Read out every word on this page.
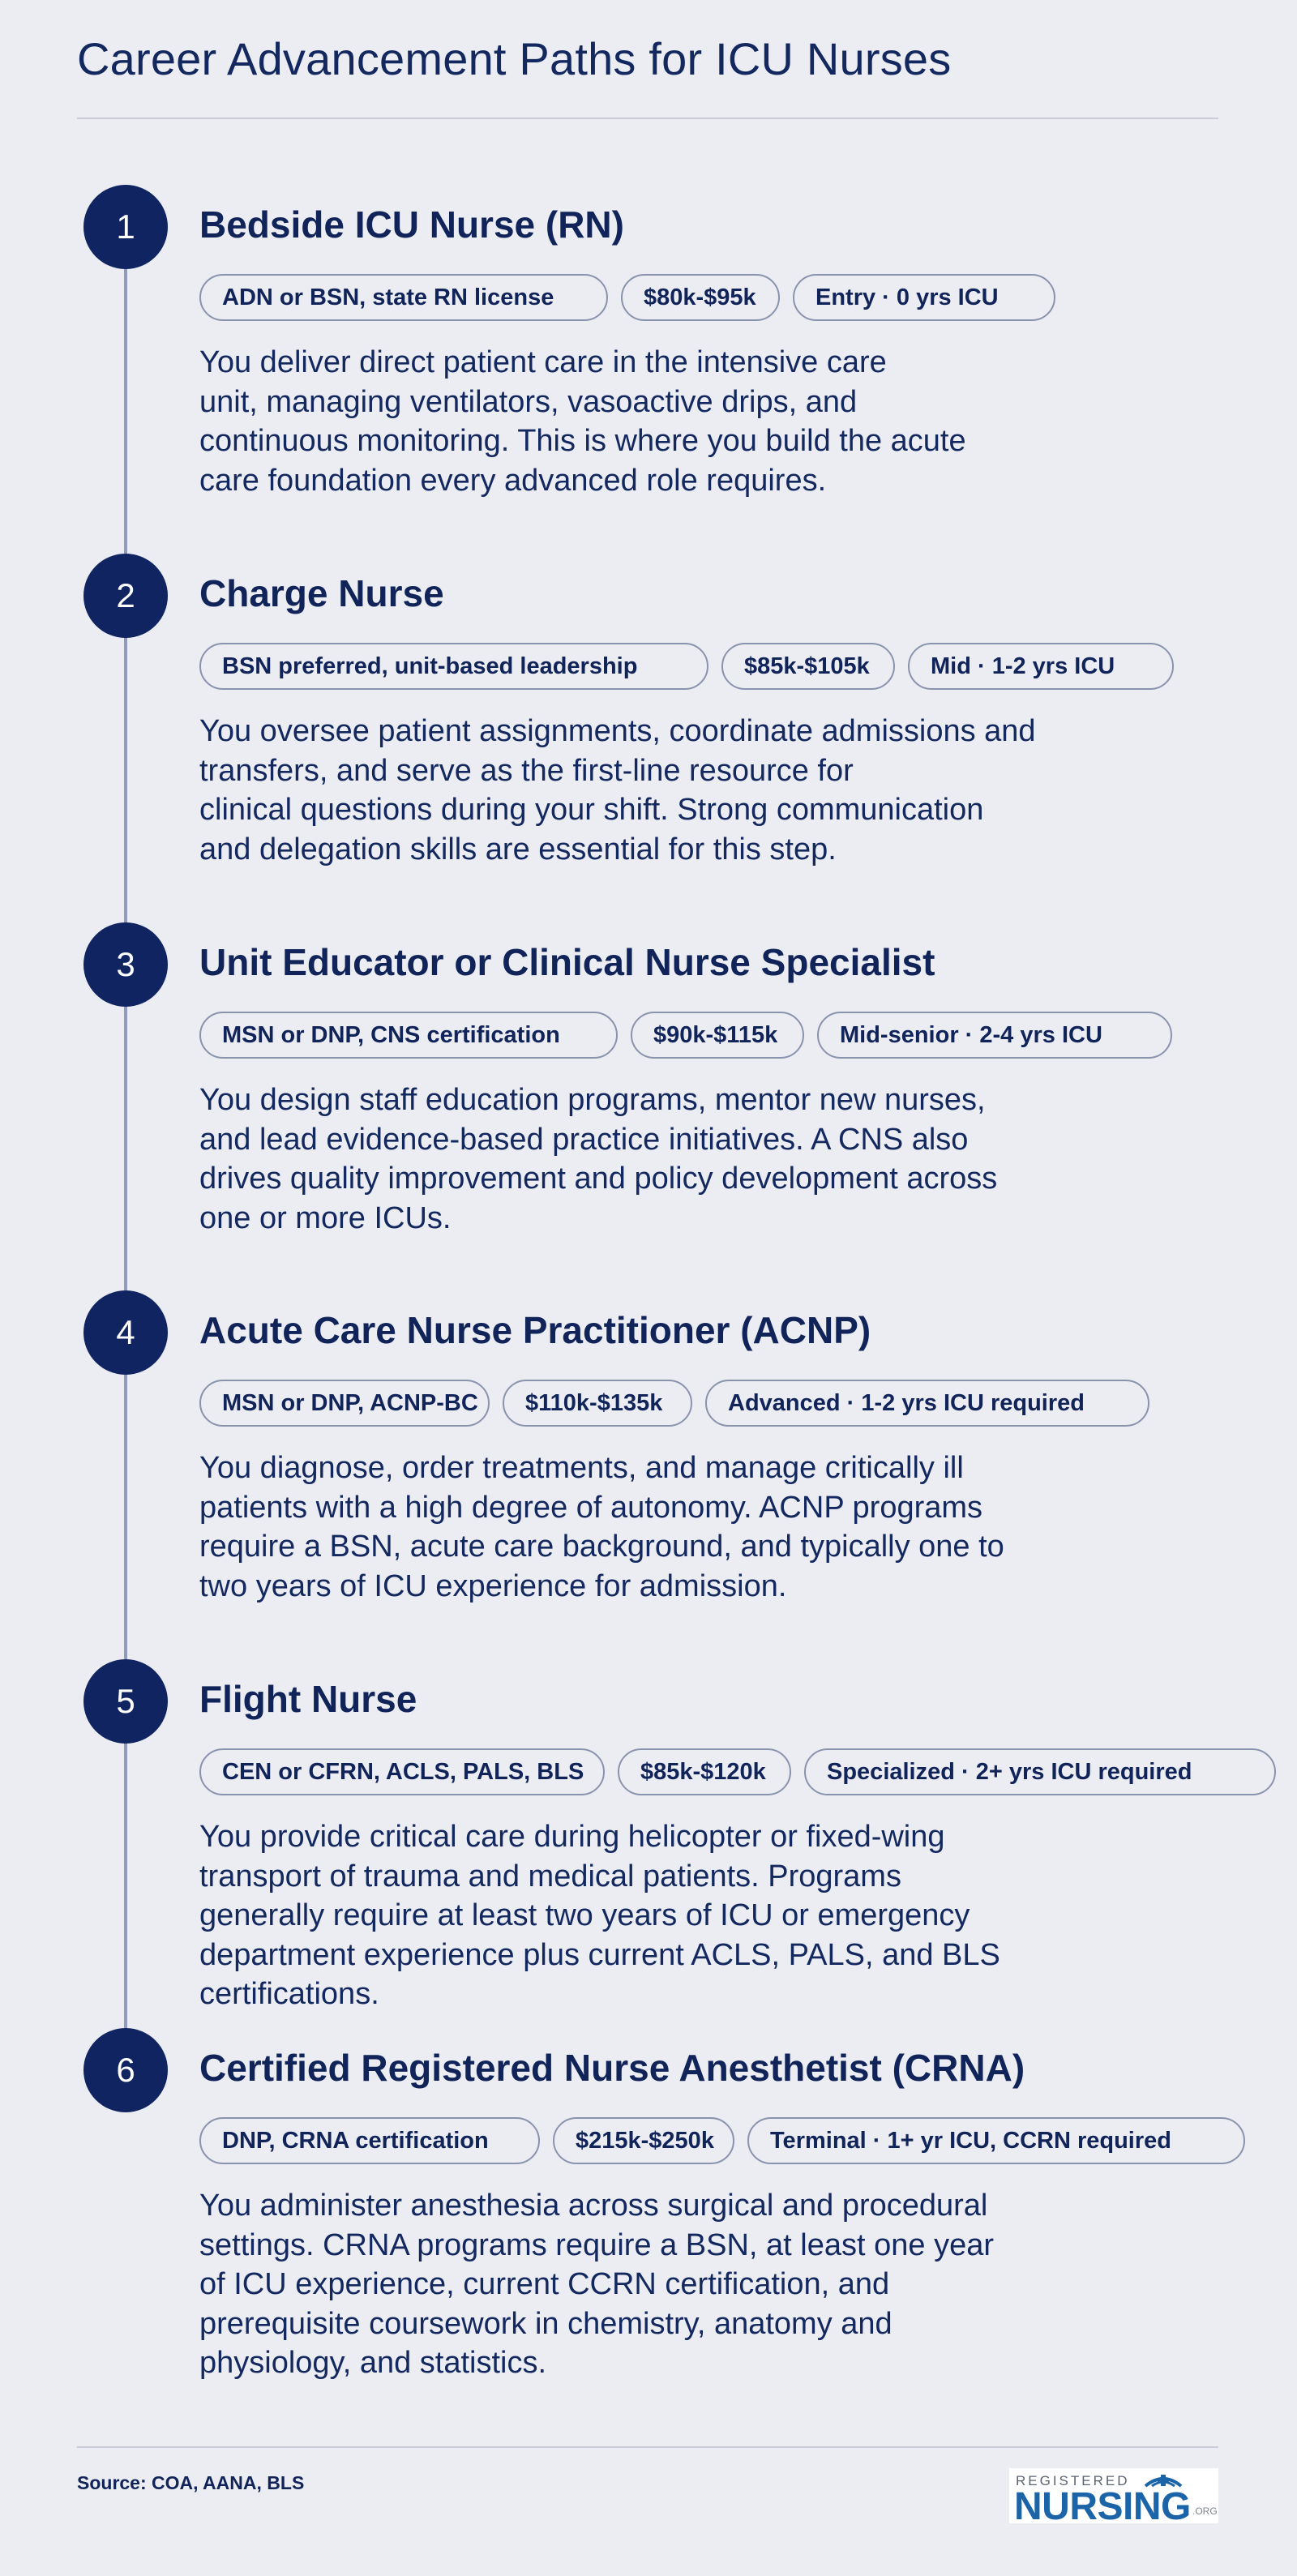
Career Advancement Paths for ICU Nurses
1	Bedside ICU Nurse (RN)
ADN or BSN, state RN license	$80k-$95k	Entry · 0 yrs ICU

You deliver direct patient care in the intensive care
unit, managing ventilators, vasoactive drips, and
continuous monitoring. This is where you build the acute
care foundation every advanced role requires.

2	Charge Nurse
BSN preferred, unit-based leadership	$85k-$105k	Mid · 1-2 yrs ICU

You oversee patient assignments, coordinate admissions and
transfers, and serve as the first-line resource for
clinical questions during your shift. Strong communication
and delegation skills are essential for this step.

3	Unit Educator or Clinical Nurse Specialist
MSN or DNP, CNS certification	$90k-$115k	Mid-senior · 2-4 yrs ICU

You design staff education programs, mentor new nurses,
and lead evidence-based practice initiatives. A CNS also
drives quality improvement and policy development across
one or more ICUs.

4	Acute Care Nurse Practitioner (ACNP)
MSN or DNP, ACNP-BC	$110k-$135k	Advanced · 1-2 yrs ICU required

You diagnose, order treatments, and manage critically ill
patients with a high degree of autonomy. ACNP programs
require a BSN, acute care background, and typically one to
two years of ICU experience for admission.

5	Flight Nurse
CEN or CFRN, ACLS, PALS, BLS	$85k-$120k	Specialized · 2+ yrs ICU required

You provide critical care during helicopter or fixed-wing
transport of trauma and medical patients. Programs
generally require at least two years of ICU or emergency
department experience plus current ACLS, PALS, and BLS
certifications.

6	Certified Registered Nurse Anesthetist (CRNA)
DNP, CRNA certification	$215k-$250k	Terminal · 1+ yr ICU, CCRN required

You administer anesthesia across surgical and procedural
settings. CRNA programs require a BSN, at least one year
of ICU experience, current CCRN certification, and
prerequisite coursework in chemistry, anatomy and
physiology, and statistics.

Source: COA, AANA, BLS	REGISTERED
NURSING .ORG
